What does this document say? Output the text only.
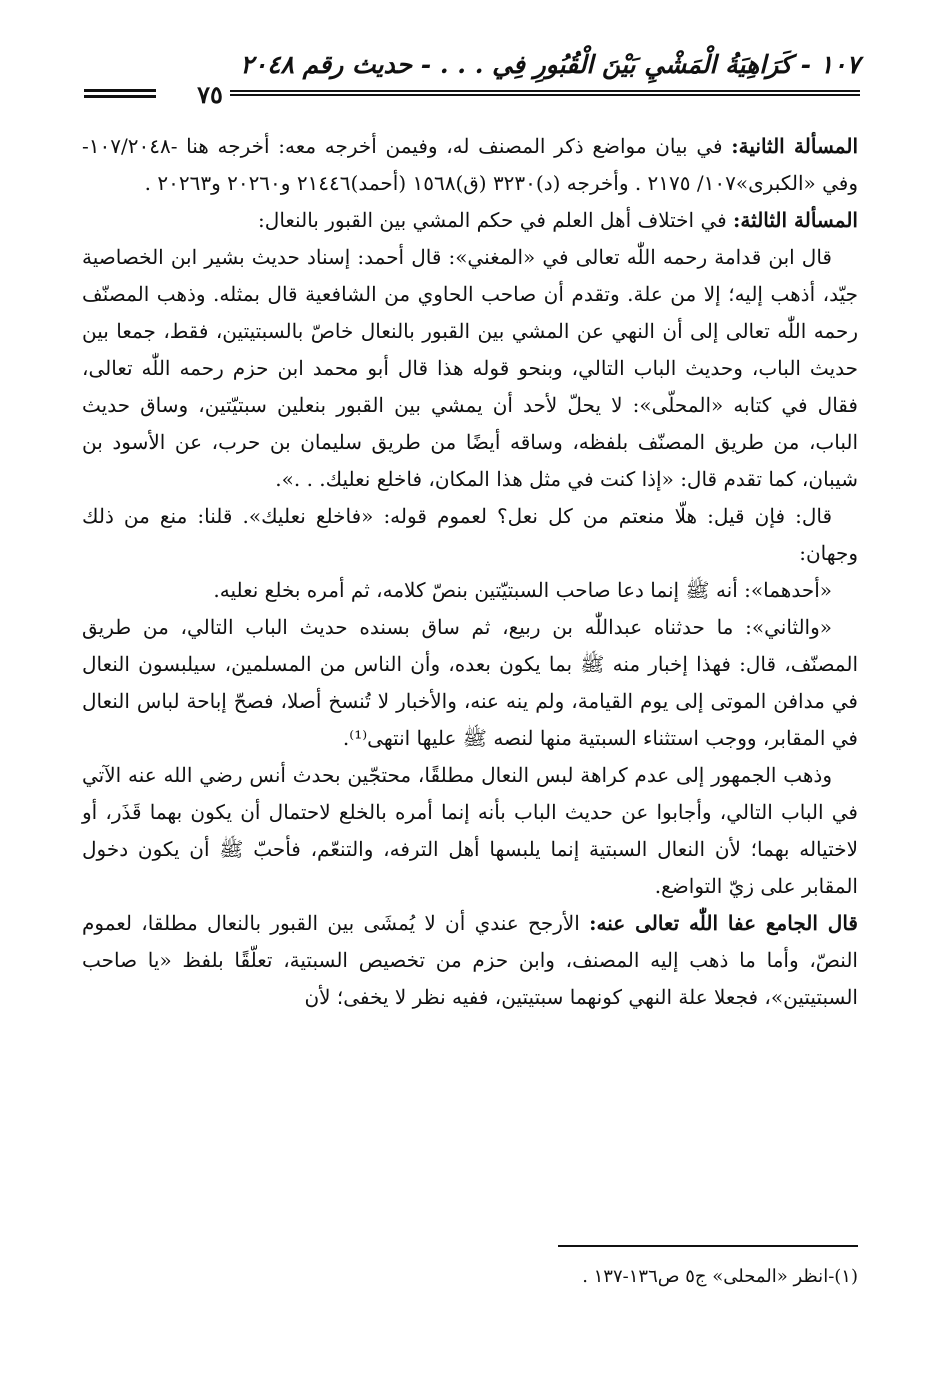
١٠٧ - كَرَاهِيَةُ الْمَشْيِ بَيْنَ الْقُبُورِ فِي . . . - حديث رقم ٢٠٤٨
٧٥

المسألة الثانية: في بيان مواضع ذكر المصنف له، وفيمن أخرجه معه: أخرجه هنا -١٠٧/٢٠٤٨- وفي «الكبرى»١٠٧/ ٢١٧٥ . وأخرجه (د)٣٢٣٠ (ق)١٥٦٨ (أحمد)٢١٤٤٦ و٢٠٢٦٠ و٢٠٢٦٣ .

المسألة الثالثة: في اختلاف أهل العلم في حكم المشي بين القبور بالنعال:

قال ابن قدامة رحمه اللّٰه تعالى في «المغني»: قال أحمد: إسناد حديث بشير ابن الخصاصية جيّد، أذهب إليه؛ إلا من علة. وتقدم أن صاحب الحاوي من الشافعية قال بمثله. وذهب المصنّف رحمه اللّٰه تعالى إلى أن النهي عن المشي بين القبور بالنعال خاصّ بالسبتيتين، فقط، جمعا بين حديث الباب، وحديث الباب التالي، وبنحو قوله هذا قال أبو محمد ابن حزم رحمه اللّٰه تعالى، فقال في كتابه «المحلّى»: لا يحلّ لأحد أن يمشي بين القبور بنعلين سبتيّتين، وساق حديث الباب، من طريق المصنّف بلفظه، وساقه أيضًا من طريق سليمان بن حرب، عن الأسود بن شيبان، كما تقدم قال: «إذا كنت في مثل هذا المكان، فاخلع نعليك. . .».

قال: فإن قيل: هلّا منعتم من كل نعل؟ لعموم قوله: «فاخلع نعليك». قلنا: منع من ذلك وجهان:

«أحدهما»: أنه ﷺ إنما دعا صاحب السبتيّتين بنصّ كلامه، ثم أمره بخلع نعليه.

«والثاني»: ما حدثناه عبداللّٰه بن ربيع، ثم ساق بسنده حديث الباب التالي، من طريق المصنّف، قال: فهذا إخبار منه ﷺ بما يكون بعده، وأن الناس من المسلمين، سيلبسون النعال في مدافن الموتى إلى يوم القيامة، ولم ينه عنه، والأخبار لا تُنسخ أصلا، فصحّ إباحة لباس النعال في المقابر، ووجب استثناء السبتية منها لنصه ﷺ عليها انتهى⁽¹⁾.

وذهب الجمهور إلى عدم كراهة لبس النعال مطلقًا، محتجّين بحدث أنس رضي الله عنه الآتي في الباب التالي، وأجابوا عن حديث الباب بأنه إنما أمره بالخلع لاحتمال أن يكون بهما قَذَر، أو لاختياله بهما؛ لأن النعال السبتية إنما يلبسها أهل الترفه، والتنعّم، فأحبّ ﷺ أن يكون دخول المقابر على زيّ التواضع.

قال الجامع عفا اللّٰه تعالى عنه: الأرجح عندي أن لا يُمشَى بين القبور بالنعال مطلقا، لعموم النصّ، وأما ما ذهب إليه المصنف، وابن حزم من تخصيص السبتية، تعلّقًا بلفظ «يا صاحب السبتيتين»، فجعلا علة النهي كونهما سبتيتين، ففيه نظر لا يخفى؛ لأن

(١)-انظر «المحلى» ج٥ ص١٣٦-١٣٧ .
